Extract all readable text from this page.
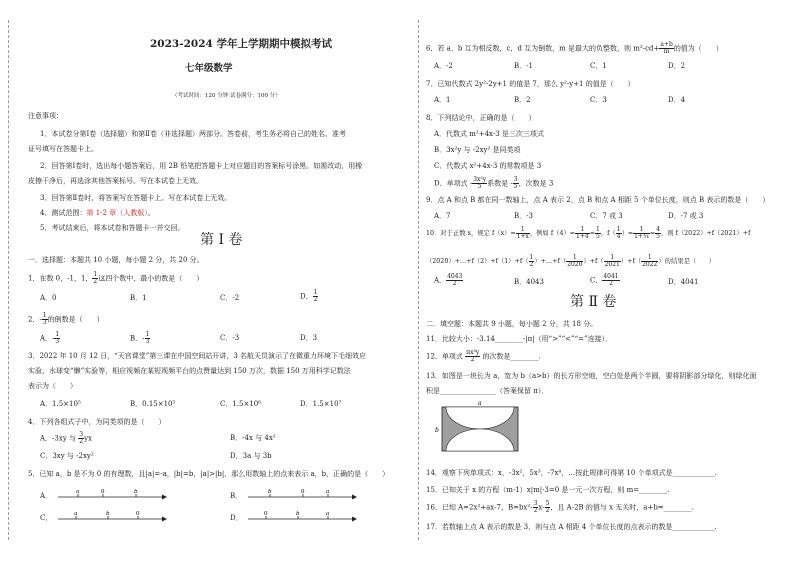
2023-2024 学年上学期期中模拟考试
七年级数学
（考试时间：120 分钟 试卷满分：100 分）
注意事项：
1．本试卷分第Ⅰ卷（选择题）和第Ⅱ卷（非选择题）两部分。答卷前，考生务必将自己的姓名、准考
证号填写在答题卡上。
2．回答第Ⅰ卷时，选出每小题答案后，用 2B 铅笔把答题卡上对应题目的答案标号涂黑。如需改动，用橡
皮擦干净后，再选涂其他答案标号。写在本试卷上无效。
3．回答第Ⅱ卷时，将答案写在答题卡上。写在本试卷上无效。
4．测试范围：第 1-2 章（人教版）。
5．考试结束后，将本试卷和答题卡一并交回。
第 Ⅰ 卷
一．选择题：本题共 10 小题，每小题 2 分，共 20 分。
1．在数 0，-1，1， $\frac{1}{2}$ 这四个数中，最小的数是（　　）
A．0	B．1	C．-2	D． $\frac{1}{2}$
2．- $\frac{1}{3}$ 的倒数是（　　）
A．- $\frac{1}{3}$	B．- $\frac{1}{3}$	C．-3	D．3
3．2022 年 10 月 12 日，“天宫课堂”第三课在中国空间站开讲，3 名航天员演示了在微重力环境下毛细效应
实验、水球变“懒”实验等，相应视频在某短视频平台的点赞量达到 150 万次，数据 150 万用科学记数法
表示为（　　）
A．1.5×10⁵	B．0.15×10⁵	C．1.5×10⁶	D．1.5×10⁷
4．下列各组式子中，为同类项的是（　　）
A．-3xy 与 $\frac{3}{2}$ yx	B．-4x 与 4x²
C．3xy 与 -2xy²	D．3a 与 3b
5．已知 a，b 是不为 0 的有理数，且|a|=-a，|b|=b，|a|>|b|，那么用数轴上的点来表示 a，b，正确的是（　　）
A．	a	0	b	B．	b	0	a
C．	a	b	0	D．	0	b	a
6．若 a，b 互为相反数，c，d 互为倒数，m 是最大的负整数，则 $m^2-cd+ \frac{a+b}{m}$ 的值为（　　）
A．-2	B．-1	C．1	D．2
7．已知代数式 2y²-2y+1 的值是 7，那么 y²-y+1 的值是（　　）
A．1	B．2	C．3	D．4
8．下列结论中，正确的是（　　）
A．代数式 m²+4x-3 是三次三项式
B．3x²y 与 -2xy² 是同类项
C．代数式 x²+4x-3 的常数项是 3
D．单项式 - $\frac{\text{3x²y}}{5}$ 系数是 - $\frac{3}{5}$ ，次数是 3
9．点 A 和点 B 都在同一数轴上，点 A 表示 2，点 B 和点 A 相距 5 个单位长度，则点 B 表示的数是（　　）
A．7	B．-3	C．7 或 3	D．-7 或 3
10．对于正数 x，规定 $f(x)= \frac{1}{1+x}$ ，例如 $f(4)= \frac{1}{1+4} = \frac{1}{5}$ ，$f( \frac{1}{4}$ ）= $\frac{1}{\text{1+¼}} = \frac{4}{5}$ ，则 f（2022）+f（2021）+f
（2020）+…+f（2）+f（1）+f（ $\frac{1}{2}$ ）+…+f（ $\frac{1}{2020} )+f( \frac{1}{2021} )+f( \frac{1}{2022}$ ）的结果是（　　）
A． $\frac{4043}{2}$	B．4043	C． $\frac{4041}{2}$	D．4041
第 Ⅱ 卷
二．填空题：本题共 9 小题，每小题 2 分，共 18 分。
11．比较大小：-3.14________-|π|（用“>”“<”“=”连接）．
12．单项式 $\frac{\text{πx³y}}{2}$ 的次数是________.
13．如图是一块长为 a，宽为 b（a>b）的长方形空地，空白处是两个半圆，要将阴影部分绿化，则绿化面
积是________________（答案保留 π）．
a
b
14．观察下列单项式：x，-3x²，5x³，-7x⁴，…按此规律可得第 10 个单项式是____________.
15．已知关于 x 的方程（m-1）x|m|-3=0 是一元一次方程，则 m=________.
16．已知 A=2x²+ax-7，$B=bx^2- \frac{3}{2} x- \frac{5}{2}$ ，且 A-2B 的值与 x 无关时，a+b=________.
17．若数轴上点 A 表示的数是 3，则与点 A 相距 4 个单位长度的点表示的数是____________.
